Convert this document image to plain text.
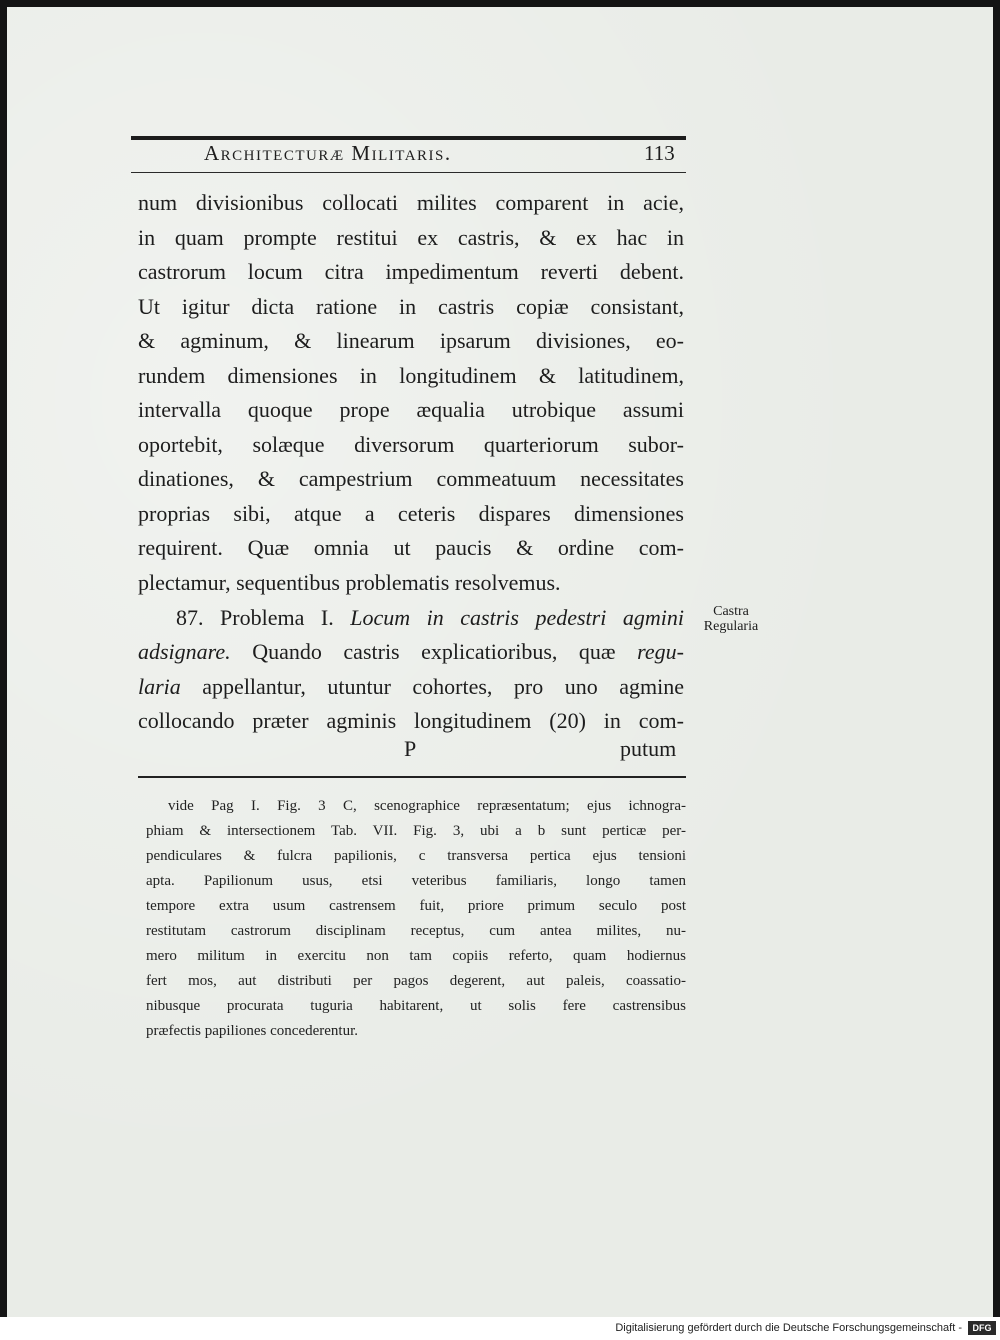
Architecturæ Militaris.	113
num divisionibus collocati milites comparent in acie,
in quam prompte restitui ex castris, & ex hac in
castrorum locum citra impedimentum reverti debent.
Ut igitur dicta ratione in castris copiæ consistant,
& agminum, & linearum ipsarum divisiones, eo-
rundem dimensiones in longitudinem & latitudinem,
intervalla quoque prope æqualia utrobique assumi
oportebit, solæque diversorum quarteriorum subor-
dinationes, & campestrium commeatuum necessitates
proprias sibi, atque a ceteris dispares dimensiones
requirent. Quæ omnia ut paucis & ordine com-
plectamur, sequentibus problematis resolvemus.
87. Problema I. Locum in castris pedestri agmini
adsignare. Quando castris explicatioribus, quæ regu-
laria appellantur, utuntur cohortes, pro uno agmine
collocando præter agminis longitudinem (20) in com-
Castra
Regularia
P	putum
vide Pag I. Fig. 3 C, scenographice repræsentatum; ejus ichnogra-
phiam & intersectionem Tab. VII. Fig. 3, ubi a b sunt perticæ per-
pendiculares & fulcra papilionis, c transversa pertica ejus tensioni
apta. Papilionum usus, etsi veteribus familiaris, longo tamen
tempore extra usum castrensem fuit, priore primum seculo post
restitutam castrorum disciplinam receptus, cum antea milites, nu-
mero militum in exercitu non tam copiis referto, quam hodiernus
fert mos, aut distributi per pagos degerent, aut paleis, coassatio-
nibusque procurata tuguria habitarent, ut solis fere castrensibus
præfectis papiliones concederentur.
Digitalisierung gefördert durch die Deutsche Forschungsgemeinschaft -	DFG
